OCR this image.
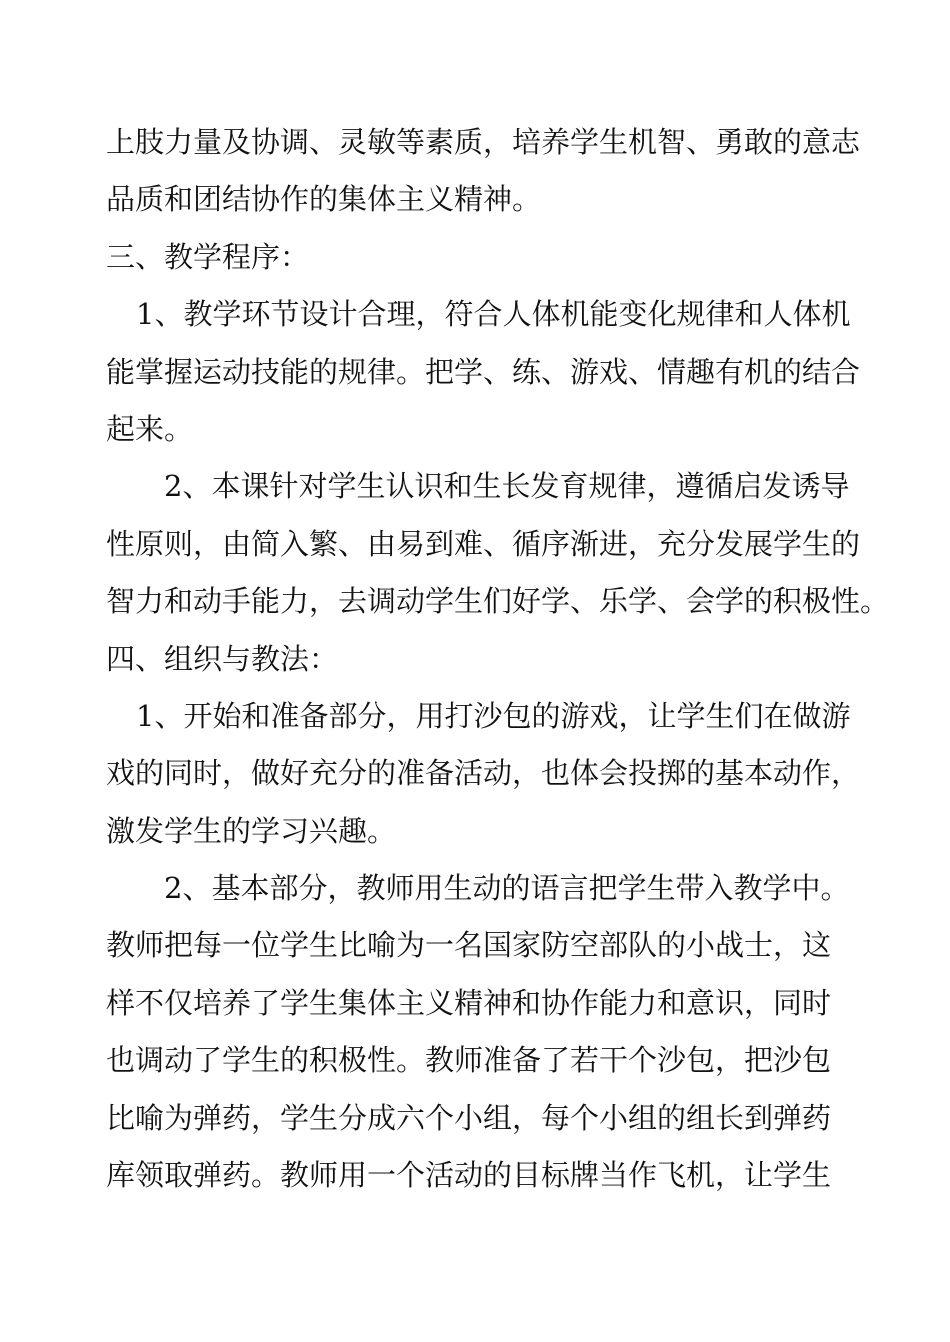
上肢力量及协调、灵敏等素质，培养学生机智、勇敢的意志
品质和团结协作的集体主义精神。
三、教学程序：
1、教学环节设计合理，符合人体机能变化规律和人体机
能掌握运动技能的规律。把学、练、游戏、情趣有机的结合
起来。
2、本课针对学生认识和生长发育规律，遵循启发诱导
性原则，由简入繁、由易到难、循序渐进，充分发展学生的
智力和动手能力，去调动学生们好学、乐学、会学的积极性。
四、组织与教法：
1、开始和准备部分，用打沙包的游戏，让学生们在做游
戏的同时，做好充分的准备活动，也体会投掷的基本动作，
激发学生的学习兴趣。
2、基本部分，教师用生动的语言把学生带入教学中。
教师把每一位学生比喻为一名国家防空部队的小战士，这
样不仅培养了学生集体主义精神和协作能力和意识，同时
也调动了学生的积极性。教师准备了若干个沙包，把沙包
比喻为弹药，学生分成六个小组，每个小组的组长到弹药
库领取弹药。教师用一个活动的目标牌当作飞机，让学生
